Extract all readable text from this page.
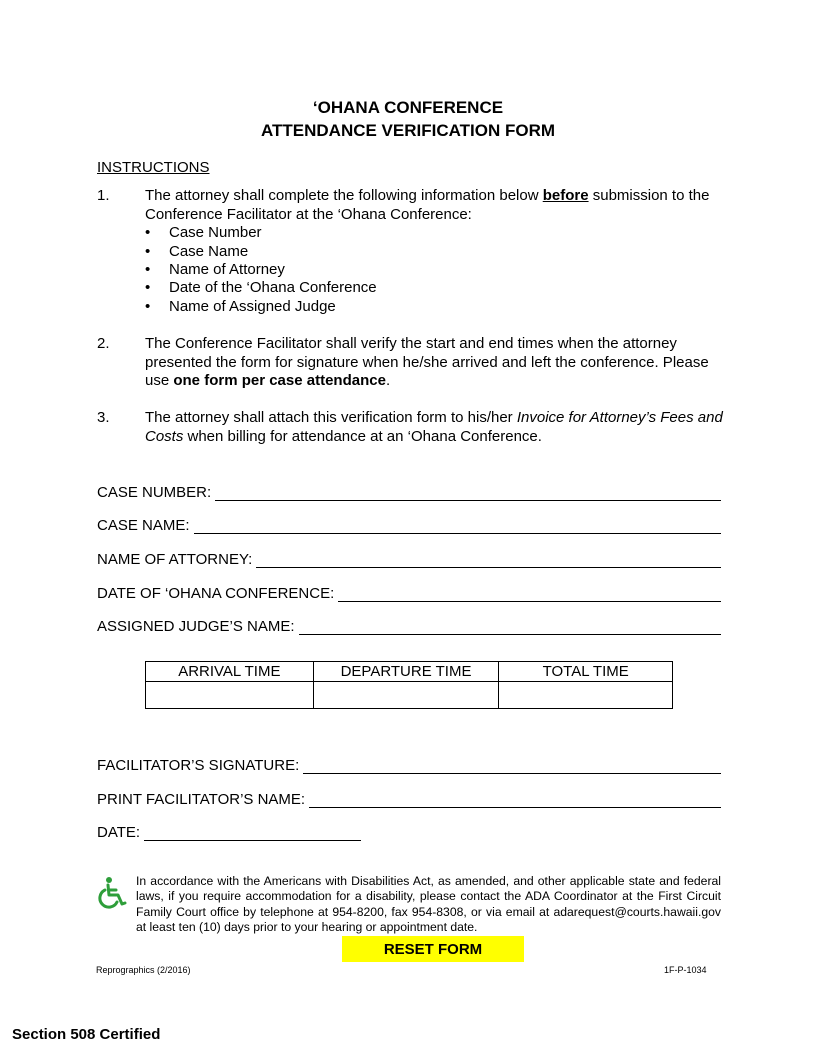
‘OHANA CONFERENCE
ATTENDANCE VERIFICATION FORM
INSTRUCTIONS
1. The attorney shall complete the following information below before submission to the Conference Facilitator at the ‘Ohana Conference:
• Case Number
• Case Name
• Name of Attorney
• Date of the ‘Ohana Conference
• Name of Assigned Judge
2. The Conference Facilitator shall verify the start and end times when the attorney presented the form for signature when he/she arrived and left the conference. Please use one form per case attendance.
3. The attorney shall attach this verification form to his/her Invoice for Attorney’s Fees and Costs when billing for attendance at an ‘Ohana Conference.
CASE NUMBER:
CASE NAME:
NAME OF ATTORNEY:
DATE OF ‘OHANA CONFERENCE:
ASSIGNED JUDGE’S NAME:
ARRIVAL TIME	DEPARTURE TIME	TOTAL TIME

FACILITATOR’S SIGNATURE:
PRINT FACILITATOR’S NAME:
DATE:
In accordance with the Americans with Disabilities Act, as amended, and other applicable state and federal laws, if you require accommodation for a disability, please contact the ADA Coordinator at the First Circuit Family Court office by telephone at 954-8200, fax 954-8308, or via email at adarequest@courts.hawaii.gov at least ten (10) days prior to your hearing or appointment date.
RESET FORM
Reprographics (2/2016)	1F-P-1034
Section 508 Certified
